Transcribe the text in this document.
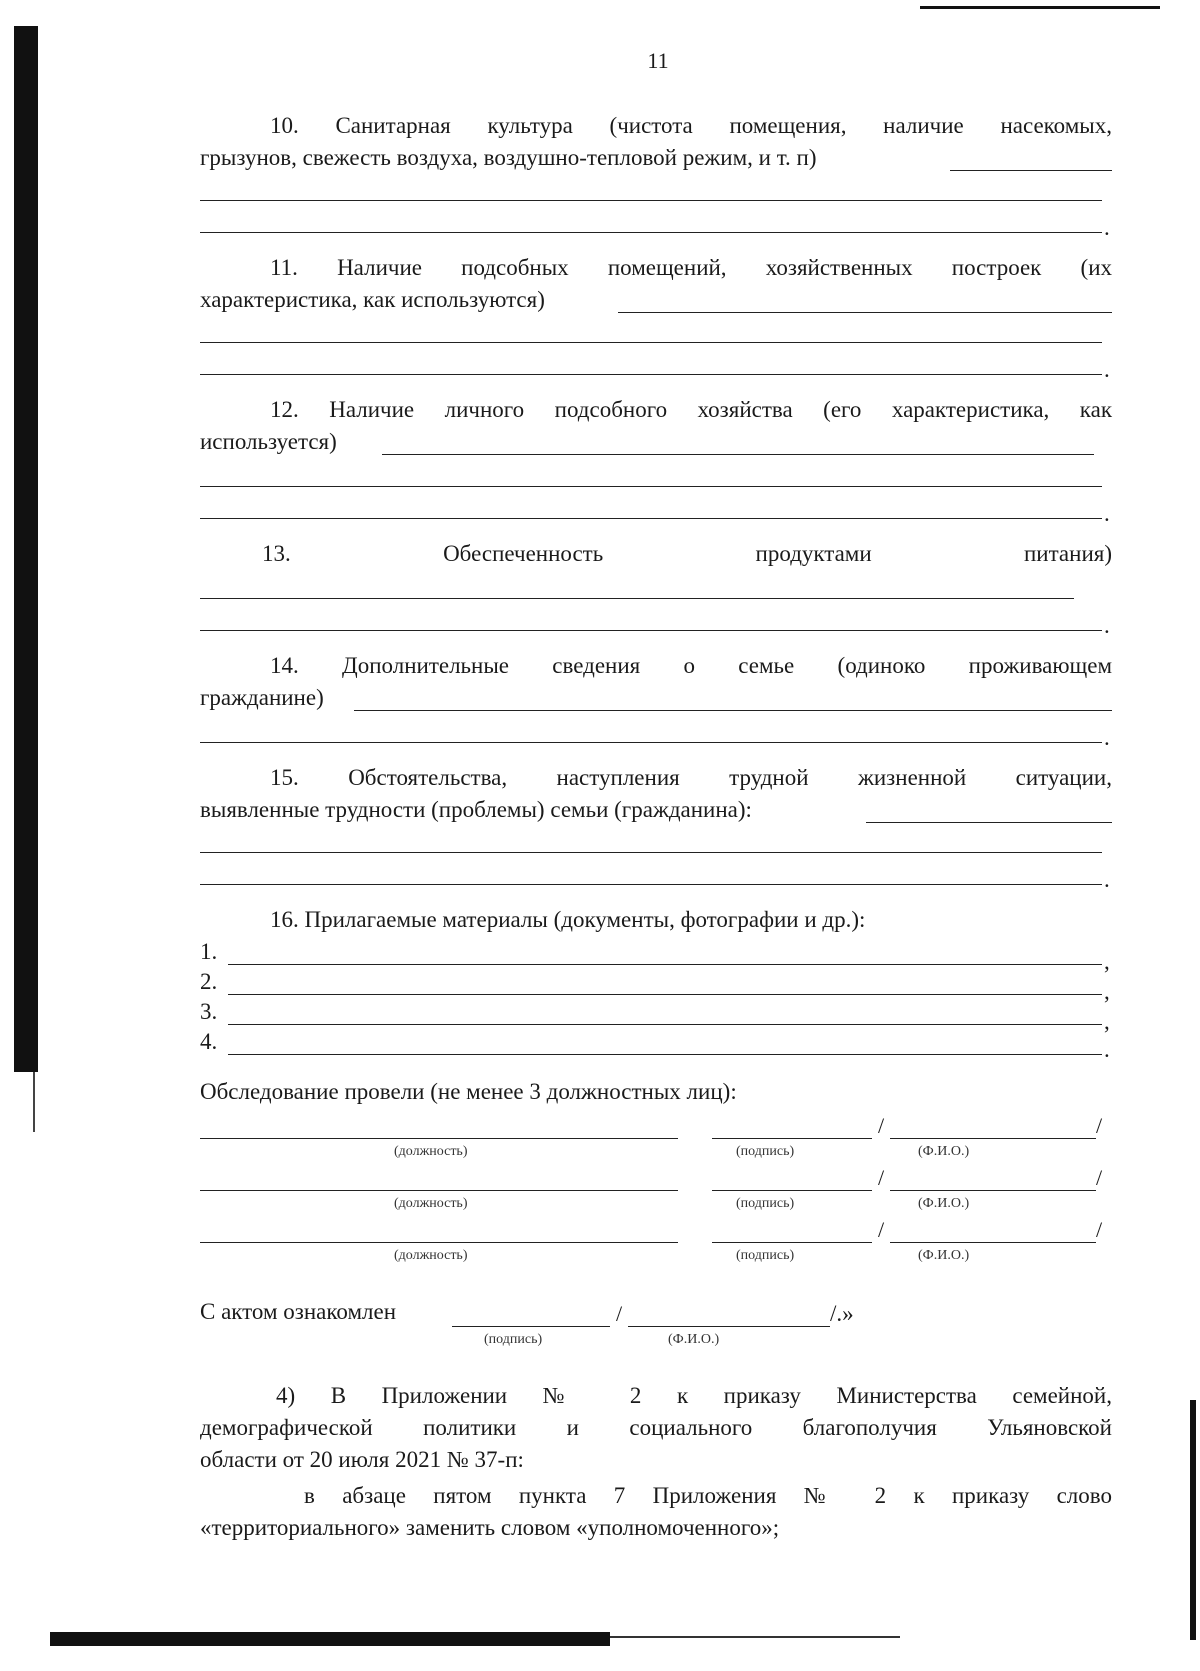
11
10. Санитарная культура (чистота помещения, наличие насекомых,
грызунов, свежесть воздуха, воздушно-тепловой режим, и т. п)
.
11. Наличие подсобных помещений, хозяйственных построек (их
характеристика, как используются)
.
12. Наличие личного подсобного хозяйства (его характеристика, как
используется)
.
13. Обеспеченность продуктами питания)
.
14. Дополнительные сведения о семье (одиноко проживающем
гражданине)
.
15. Обстоятельства, наступления трудной жизненной ситуации,
выявленные трудности (проблемы) семьи (гражданина):
.
16. Прилагаемые материалы (документы, фотографии и др.):
1.	,
2.	,
3.	,
4.	.
Обследование провели (не менее 3 должностных лиц):
/	/
(должность)	(подпись)	(Ф.И.О.)
/	/
(должность)	(подпись)	(Ф.И.О.)
/	/
(должность)	(подпись)	(Ф.И.О.)
С актом ознакомлен	/	/.»
(подпись)	(Ф.И.О.)
4) В Приложении № 2 к приказу Министерства семейной,
демографической политики и социального благополучия Ульяновской
области от 20 июля 2021 № 37-п:
в абзаце пятом пункта 7 Приложения № 2 к приказу слово
«территориального» заменить словом «уполномоченного»;
